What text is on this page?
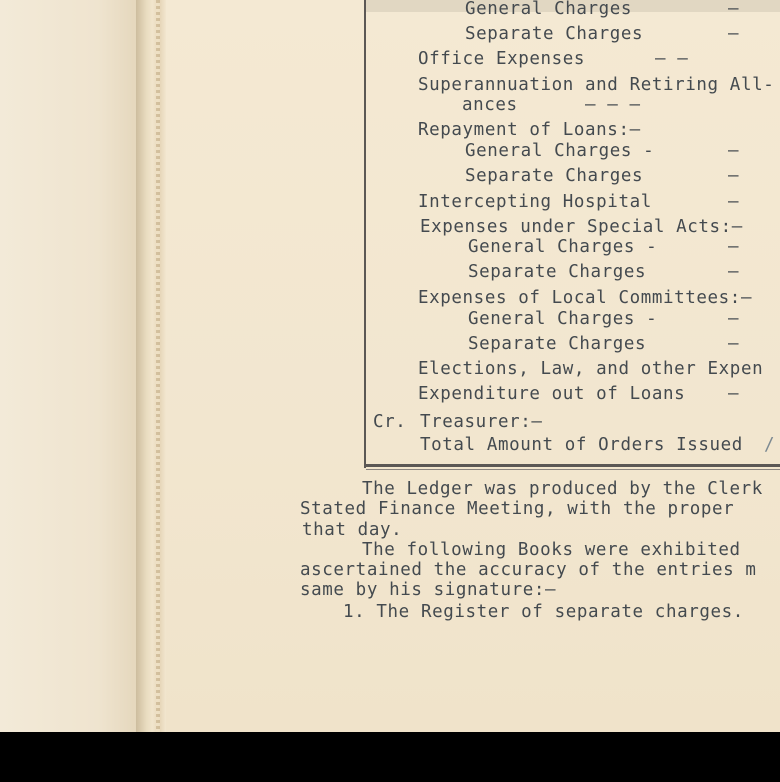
General Charges	–
Separate Charges	–
Office Expenses	– –
Superannuation and Retiring All-
ances	– – –
Repayment of Loans:—
General Charges -	–
Separate Charges	–
Intercepting Hospital	–
Expenses under Special Acts:—
General Charges -	–
Separate Charges	–
Expenses of Local Committees:—
General Charges -	–
Separate Charges	–
Elections, Law, and other Expen
Expenditure out of Loans –
Cr. Treasurer:—
Total Amount of Orders Issued /
The Ledger was produced by the Clerk
Stated Finance Meeting, with the proper
that day.
The following Books were exhibited
ascertained the accuracy of the entries m
same by his signature:—
1. The Register of separate charges.
